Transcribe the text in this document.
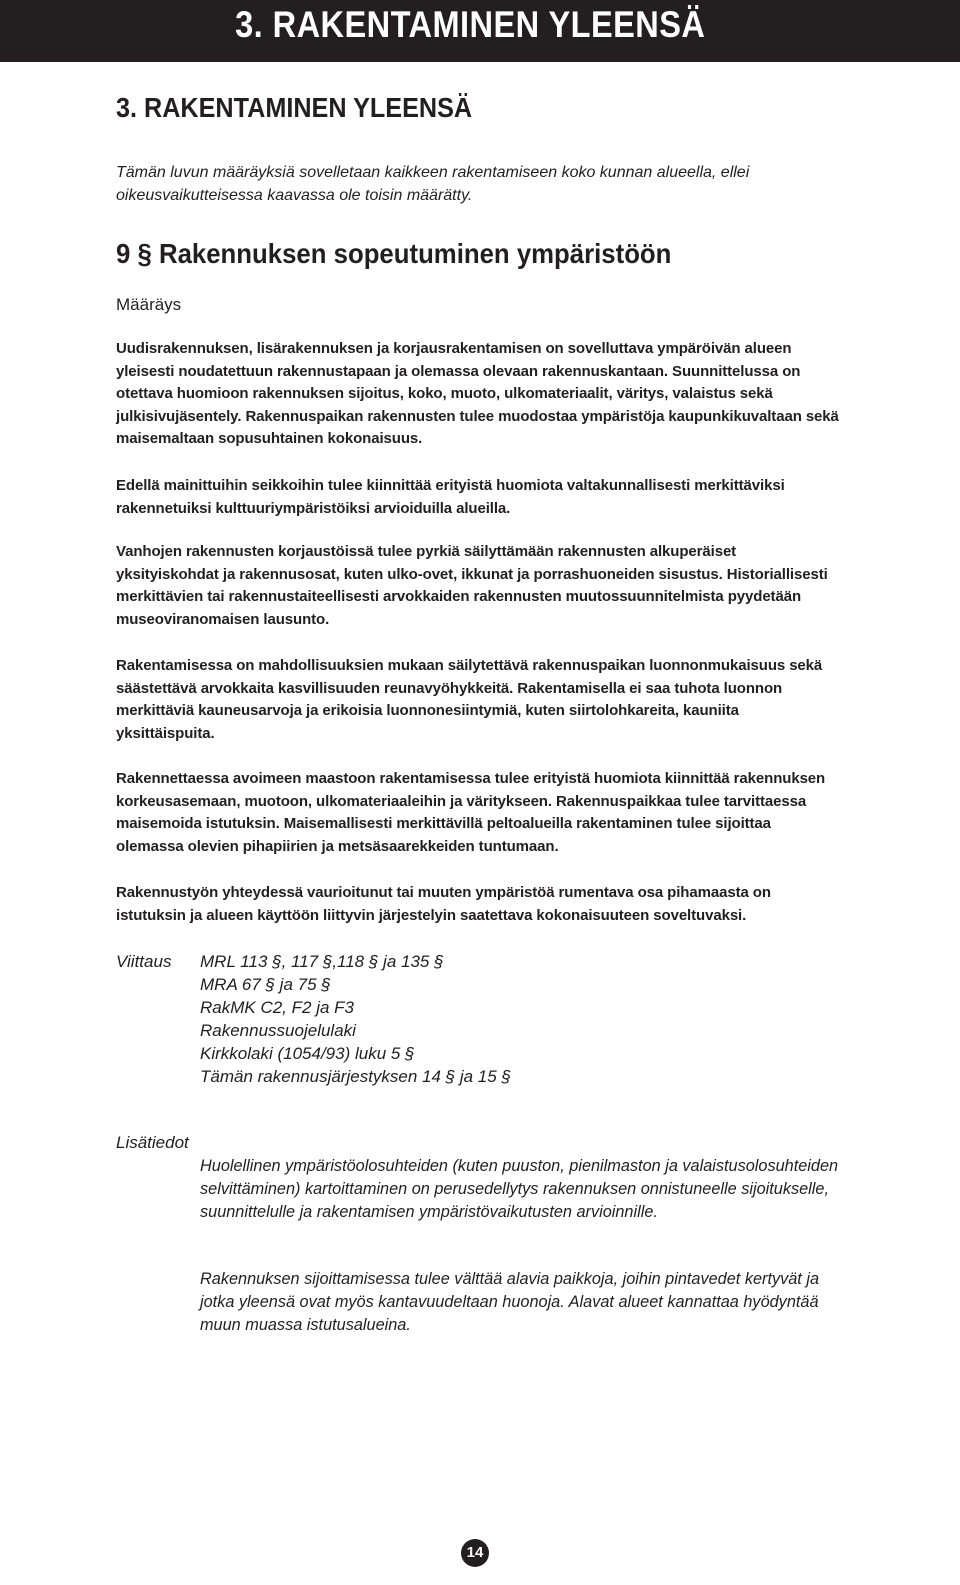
3. RAKENTAMINEN YLEENSÄ
3. RAKENTAMINEN YLEENSÄ

Tämän luvun määräyksiä sovelletaan kaikkeen rakentamiseen koko kunnan alueella, ellei oikeusvaikutteisessa kaavassa ole toisin määrätty.

9 § Rakennuksen sopeutuminen ympäristöön
Määräys

Uudisrakennuksen, lisärakennuksen ja korjausrakentamisen on sovelluttava ympäröivän alueen yleisesti noudatettuun rakennustapaan ja olemassa olevaan rakennuskantaan. Suunnittelussa on otettava huomioon rakennuksen sijoitus, koko, muoto, ulkomateriaalit, väritys, valaistus sekä julkisivujäsentely. Rakennuspaikan rakennusten tulee muodostaa ympäristöja kaupunkikuvaltaan sekä maisemaltaan sopusuhtainen kokonaisuus.

Edellä mainittuihin seikkoihin tulee kiinnittää erityistä huomiota valtakunnallisesti merkittäviksi rakennetuiksi kulttuuriympäristöiksi arvioiduilla alueilla.

Vanhojen rakennusten korjaustöissä tulee pyrkiä säilyttämään rakennusten alkuperäiset yksityiskohdat ja rakennusosat, kuten ulko-ovet, ikkunat ja porrashuoneiden sisustus. Historiallisesti merkittävien tai rakennustaiteellisesti arvokkaiden rakennusten muutossuunnitelmista pyydetään museoviranomaisen lausunto.

Rakentamisessa on mahdollisuuksien mukaan säilytettävä rakennuspaikan luonnonmukaisuus sekä säästettävä arvokkaita kasvillisuuden reunavyöhykkeitä. Rakentamisella ei saa tuhota luonnon merkittäviä kauneusarvoja ja erikoisia luonnonesiintymiä, kuten siirtolohkareita, kauniita yksittäispuita.

Rakennettaessa avoimeen maastoon rakentamisessa tulee erityistä huomiota kiinnittää rakennuksen korkeusasemaan, muotoon, ulkomateriaaleihin ja väritykseen. Rakennuspaikkaa tulee tarvittaessa maisemoida istutuksin. Maisemallisesti merkittävillä peltoalueilla rakentaminen tulee sijoittaa olemassa olevien pihapiirien ja metsäsaarekkeiden tuntumaan.

Rakennustyön yhteydessä vaurioitunut tai muuten ympäristöä rumentava osa pihamaasta on istutuksin ja alueen käyttöön liittyvin järjestelyin saatettava kokonaisuuteen soveltuvaksi.

Viittaus MRL 113 §, 117 §,118 § ja 135 §
MRA 67 § ja 75 §
RakMK C2, F2 ja F3
Rakennussuojelulaki
Kirkkolaki (1054/93) luku 5 §
Tämän rakennusjärjestyksen 14 § ja 15 §
Lisätiedot

Huolellinen ympäristöolosuhteiden (kuten puuston, pienilmaston ja valaistusolosuhteiden selvittäminen) kartoittaminen on perusedellytys rakennuksen onnistuneelle sijoitukselle, suunnittelulle ja rakentamisen ympäristövaikutusten arvioinnille.

Rakennuksen sijoittamisessa tulee välttää alavia paikkoja, joihin pintavedet kertyvät ja jotka yleensä ovat myös kantavuudeltaan huonoja. Alavat alueet kannattaa hyödyntää muun muassa istutusalueina.

14
